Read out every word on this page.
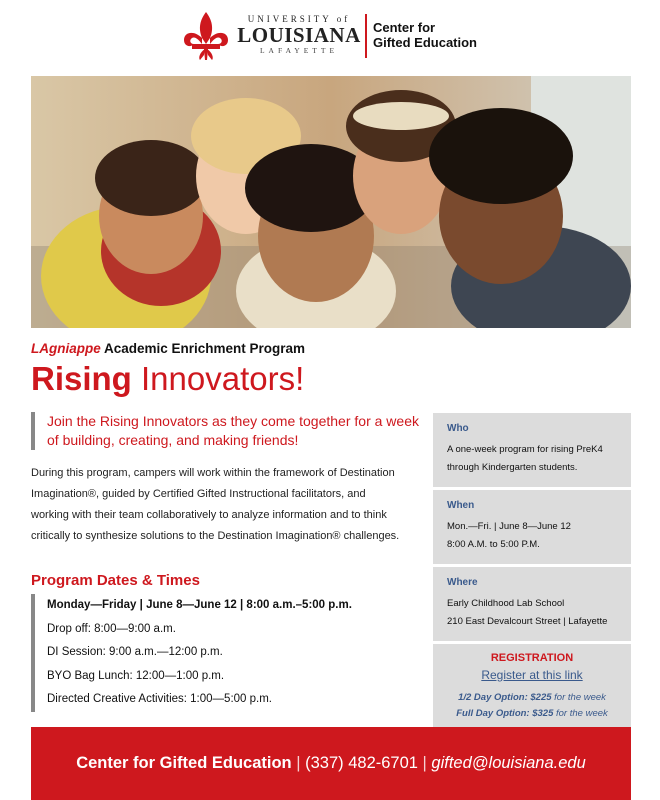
UNIVERSITY of
LOUISIANA
LAFAYETTE
Center for
Gifted Education
LAgniappe Academic Enrichment Program
Rising Innovators!
Join the Rising Innovators as they come together for a week of building, creating, and making friends!
During this program, campers will work within the framework of Destination Imagination®, guided by Certified Gifted Instructional facilitators, and working with their team collaboratively to analyze information and to think critically to synthesize solutions to the Destination Imagination® challenges.
Program Dates & Times
Monday—Friday | June 8—June 12 | 8:00 a.m.–5:00 p.m.
Drop off: 8:00—9:00 a.m.
DI Session: 9:00 a.m.—12:00 p.m.
BYO Bag Lunch: 12:00—1:00 p.m.
Directed Creative Activities: 1:00—5:00 p.m.
Who
A one-week program for rising PreK4
through Kindergarten students.
When
Mon.—Fri. | June 8—June 12
8:00 A.M. to 5:00 P.M.
Where
Early Childhood Lab School
210 East Devalcourt Street | Lafayette
REGISTRATION
Register at this link
1/2 Day Option: $225 for the week
Full Day Option: $325 for the week
Center for Gifted Education | (337) 482-6701 | gifted@louisiana.edu
